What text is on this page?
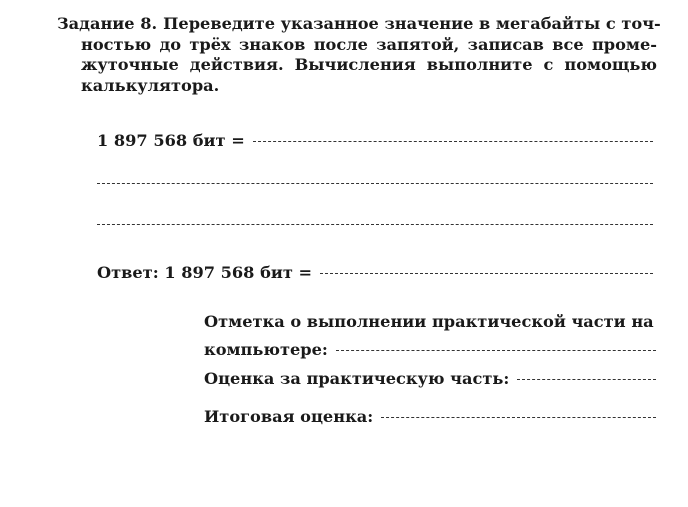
Задание 8. Переведите указанное значение в мегабайты с точ-
ностью до трёх знаков после запятой, записав все проме-
жуточные действия. Вычисления выполните с помощью
калькулятора.
1 897 568 бит =
Ответ: 1 897 568 бит =
Отметка о выполнении практической части на
компьютере:
Оценка за практическую часть:
Итоговая оценка:
